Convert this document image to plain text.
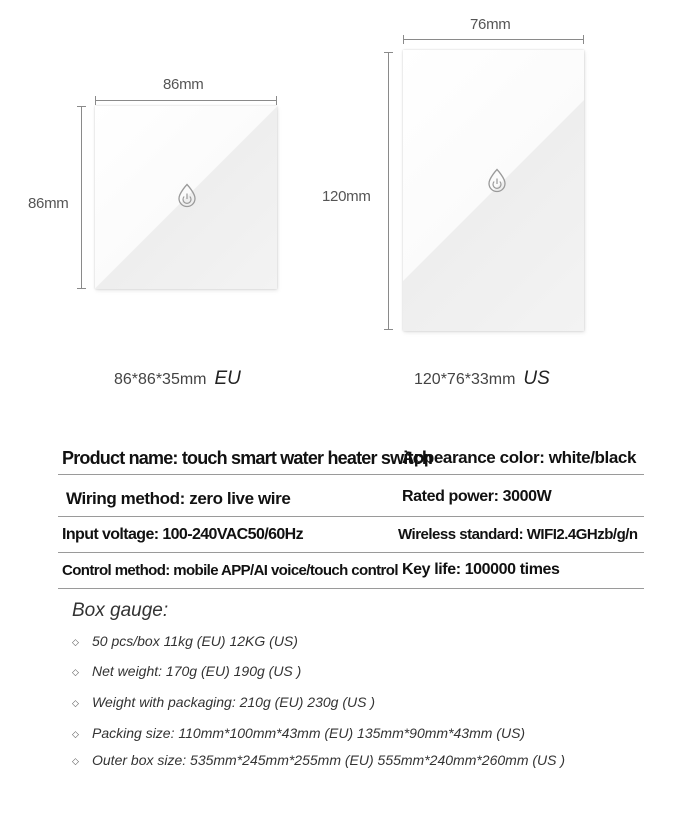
86mm
86mm
86*86*35mm EU
76mm
120mm
120*76*33mm US
Product name: touch smart water heater switch
Appearance color: white/black
Wiring method: zero live wire	Rated power: 3000W
Input voltage: 100-240VAC50/60Hz	Wireless standard: WIFI2.4GHzb/g/n
Control method: mobile APP/AI voice/touch control Key life: 100000 times
Box gauge:
◇ 50 pcs/box 11kg (EU) 12KG (US)
◇ Net weight: 170g (EU) 190g (US )
◇ Weight with packaging: 210g (EU) 230g (US )
◇ Packing size: 110mm*100mm*43mm (EU) 135mm*90mm*43mm (US)
◇ Outer box size: 535mm*245mm*255mm (EU) 555mm*240mm*260mm (US )
